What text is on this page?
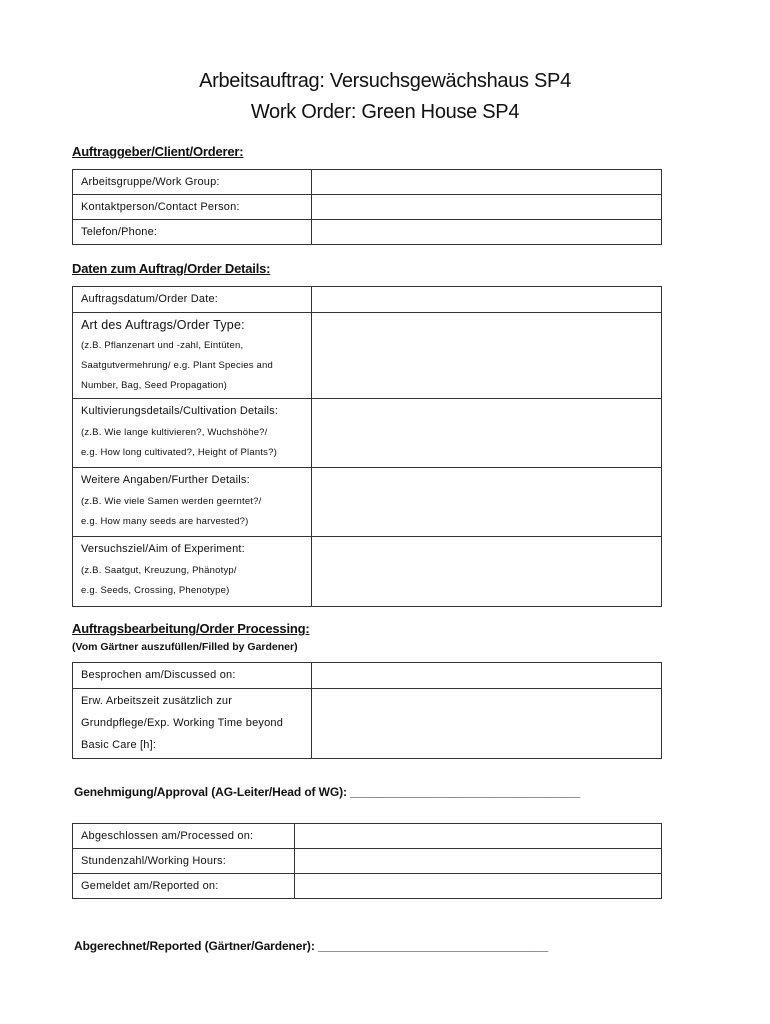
Arbeitsauftrag: Versuchsgewächshaus SP4
Work Order: Green House SP4
Auftraggeber/Client/Orderer:
Arbeitsgruppe/Work Group:	

Kontaktperson/Contact Person:	

Telefon/Phone:	

Daten zum Auftrag/Order Details:
Auftragsdatum/Order Date:	

Art des Auftrags/Order Type:
(z.B. Pflanzenart und -zahl, Eintüten,
Saatgutvermehrung/ e.g. Plant Species and
Number, Bag, Seed Propagation)	

Kultivierungsdetails/Cultivation Details:
(z.B. Wie lange kultivieren?, Wuchshöhe?/
e.g. How long cultivated?, Height of Plants?)	

Weitere Angaben/Further Details:
(z.B. Wie viele Samen werden geerntet?/
e.g. How many seeds are harvested?)	

Versuchsziel/Aim of Experiment:
(z.B. Saatgut, Kreuzung, Phänotyp/
e.g. Seeds, Crossing, Phenotype)	

Auftragsbearbeitung/Order Processing:
(Vom Gärtner auszufüllen/Filled by Gardener)
Besprochen am/Discussed on:	

Erw. Arbeitszeit zusätzlich zur
Grundpflege/Exp. Working Time beyond
Basic Care [h]:	

Genehmigung/Approval (AG-Leiter/Head of WG): ___________________________________
Abgeschlossen am/Processed on:	

Stundenzahl/Working Hours:	

Gemeldet am/Reported on:	

Abgerechnet/Reported (Gärtner/Gardener): ___________________________________
